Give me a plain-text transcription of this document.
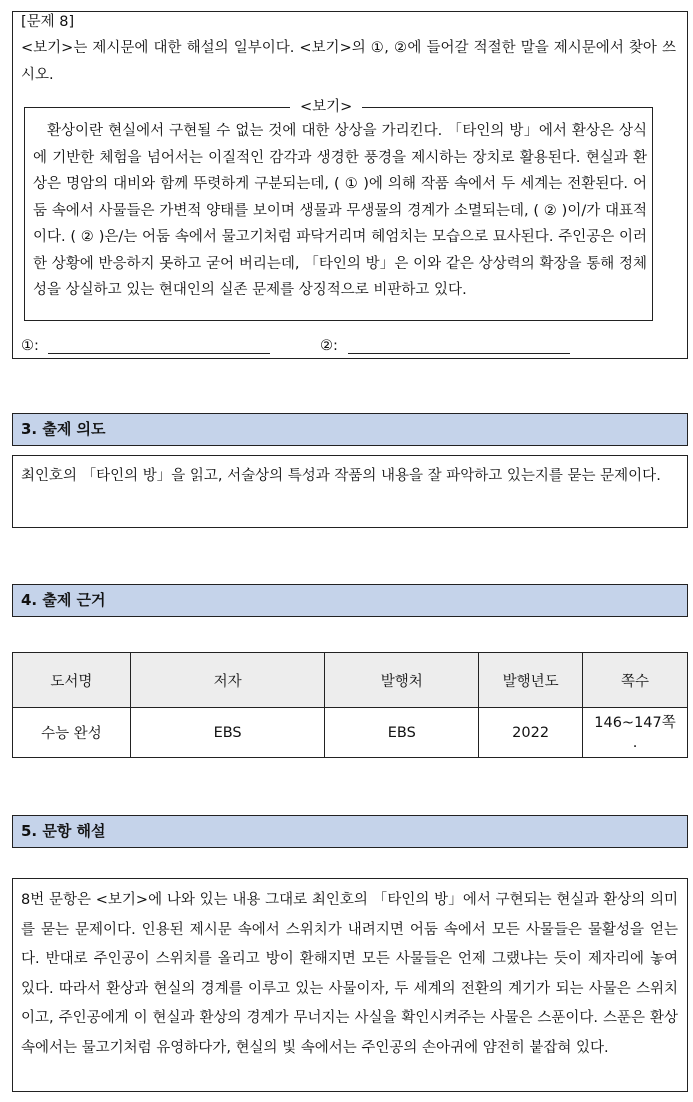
[문제 8]
<보기>는 제시문에 대한 해설의 일부이다. <보기>의 ①, ②에 들어갈 적절한 말을 제시문에서 찾아 쓰시오.
<보기>
환상이란 현실에서 구현될 수 없는 것에 대한 상상을 가리킨다. 「타인의 방」에서 환상은 상식에 기반한 체험을 넘어서는 이질적인 감각과 생경한 풍경을 제시하는 장치로 활용된다. 현실과 환상은 명암의 대비와 함께 뚜렷하게 구분되는데, ( ① )에 의해 작품 속에서 두 세계는 전환된다. 어둠 속에서 사물들은 가변적 양태를 보이며 생물과 무생물의 경계가 소멸되는데, ( ② )이/가 대표적이다. ( ② )은/는 어둠 속에서 물고기처럼 파닥거리며 헤엄치는 모습으로 묘사된다. 주인공은 이러한 상황에 반응하지 못하고 굳어 버리는데, 「타인의 방」은 이와 같은 상상력의 확장을 통해 정체성을 상실하고 있는 현대인의 실존 문제를 상징적으로 비판하고 있다.
①:	②:
3. 출제 의도
최인호의 「타인의 방」을 읽고, 서술상의 특성과 작품의 내용을 잘 파악하고 있는지를 묻는 문제이다.
4. 출제 근거
도서명	저자	발행처	발행년도	쪽수
수능 완성	EBS	EBS	2022	146~147쪽
.
5. 문항 해설
8번 문항은 <보기>에 나와 있는 내용 그대로 최인호의 「타인의 방」에서 구현되는 현실과 환상의 의미를 묻는 문제이다. 인용된 제시문 속에서 스위치가 내려지면 어둠 속에서 모든 사물들은 물활성을 얻는다. 반대로 주인공이 스위치를 올리고 방이 환해지면 모든 사물들은 언제 그랬냐는 듯이 제자리에 놓여 있다. 따라서 환상과 현실의 경계를 이루고 있는 사물이자, 두 세계의 전환의 계기가 되는 사물은 스위치이고, 주인공에게 이 현실과 환상의 경계가 무너지는 사실을 확인시켜주는 사물은 스푼이다. 스푼은 환상 속에서는 물고기처럼 유영하다가, 현실의 빛 속에서는 주인공의 손아귀에 얌전히 붙잡혀 있다.
